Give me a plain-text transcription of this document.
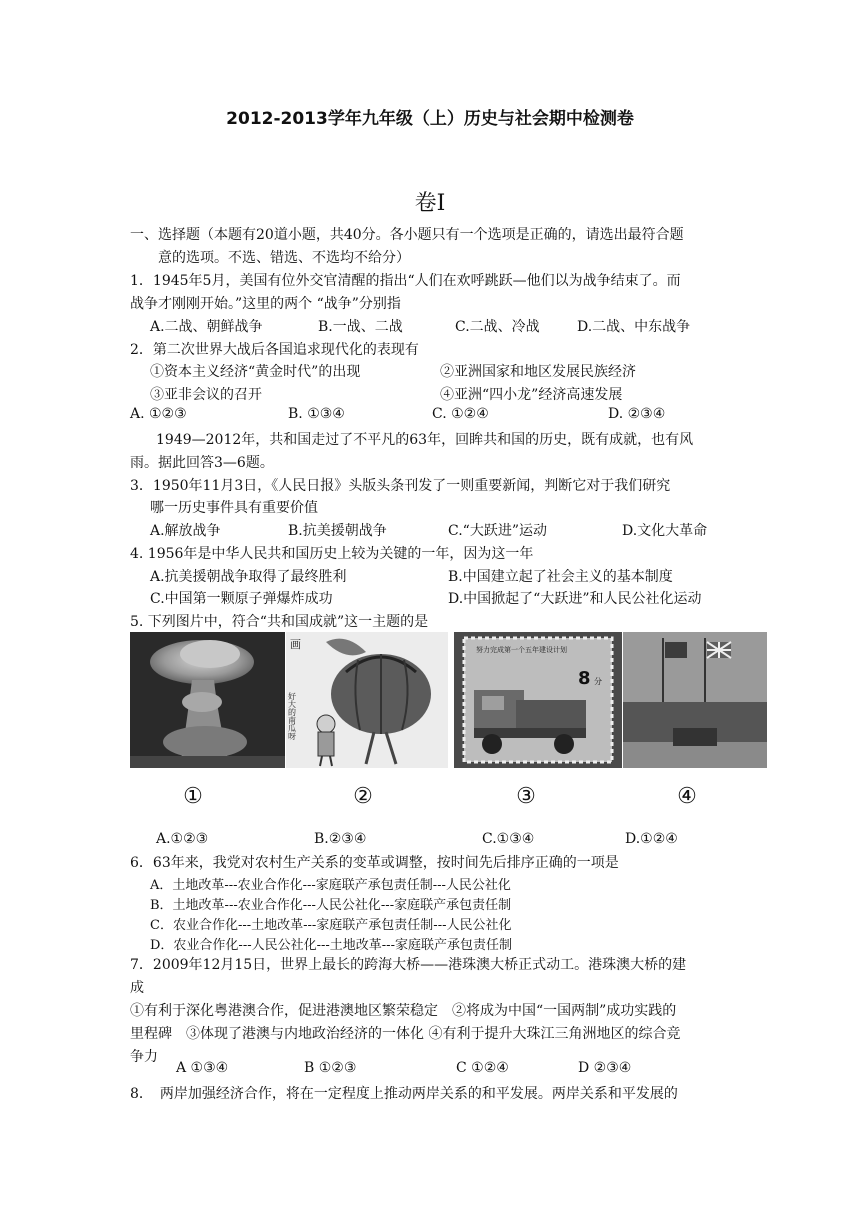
2012-2013学年九年级（上）历史与社会期中检测卷
卷Ⅰ
一、选择题（本题有20道小题，共40分。各小题只有一个选项是正确的，请选出最符合题
意的选项。不选、错选、不选均不给分）
1．1945年5月，美国有位外交官清醒的指出“人们在欢呼跳跃—他们以为战争结束了。而
战争才刚刚开始。”这里的两个 “战争”分别指
A.二战、朝鲜战争	B.一战、二战	C.二战、冷战	D.二战、中东战争
2．第二次世界大战后各国追求现代化的表现有
①资本主义经济“黄金时代”的出现	②亚洲国家和地区发展民族经济
③亚非会议的召开	④亚洲“四小龙”经济高速发展
A. ①②③	B. ①③④	C. ①②④	D. ②③④
1949—2012年，共和国走过了不平凡的63年，回眸共和国的历史，既有成就，也有风
雨。据此回答3—6题。
3．1950年11月3日，《人民日报》头版头条刊发了一则重要新闻，判断它对于我们研究
哪一历史事件具有重要价值
A.解放战争	B.抗美援朝战争	C.“大跃进”运动	D.文化大革命
4. 1956年是中华人民共和国历史上较为关键的一年，因为这一年
A.抗美援朝战争取得了最终胜利	B.中国建立起了社会主义的基本制度
C.中国第一颗原子弹爆炸成功	D.中国掀起了“大跃进”和人民公社化运动
5. 下列图片中，符合“共和国成就”这一主题的是
画
好大的南瓜呀
努力完成第一个五年建设计划
8 分
①	②	③	④
A.①②③	B.②③④	C.①③④	D.①②④
6．63年来，我党对农村生产关系的变革或调整，按时间先后排序正确的一项是
A．土地改革---农业合作化---家庭联产承包责任制---人民公社化
B．土地改革---农业合作化---人民公社化---家庭联产承包责任制
C．农业合作化---土地改革---家庭联产承包责任制---人民公社化
D．农业合作化---人民公社化---土地改革---家庭联产承包责任制
7．2009年12月15日，世界上最长的跨海大桥——港珠澳大桥正式动工。港珠澳大桥的建
成
①有利于深化粤港澳合作，促进港澳地区繁荣稳定　②将成为中国“一国两制”成功实践的
里程碑　③体现了港澳与内地政治经济的一体化 ④有利于提升大珠江三角洲地区的综合竞
争力
A ①③④	B ①②③	C ①②④	D ②③④
8．　两岸加强经济合作，将在一定程度上推动两岸关系的和平发展。两岸关系和平发展的
